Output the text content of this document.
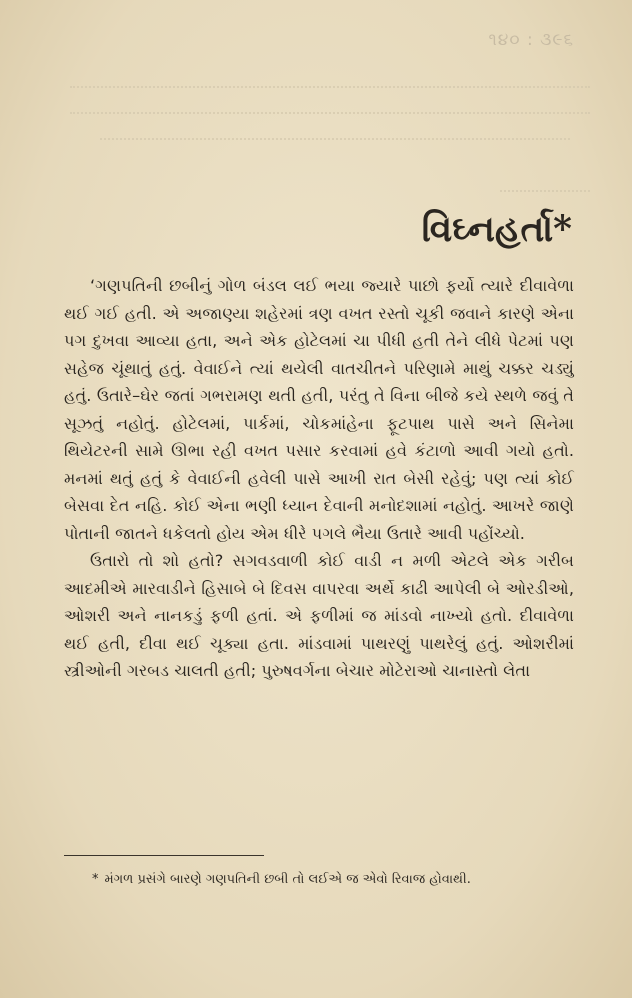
૧૪૦ : ૩૯૬
વિઘ્નહર્તા*

‘ગણપતિની છબીનું ગોળ બંડલ લઈ ભયા જ્યારે પાછો ફર્યો ત્યારે દીવાવેળા થઈ ગઈ હતી. એ અજાણ્યા શહેરમાં ત્રણ વખત રસ્તો ચૂકી જવાને કારણે એના પગ દુખવા આવ્યા હતા, અને એક હોટેલમાં ચા પીધી હતી તેને લીધે પેટમાં પણ સહેજ ચૂંથાતું હતું. વેવાઈને ત્યાં થયેલી વાતચીતને પરિણામે માથું ચક્કર ચડ્યું હતું. ઉતારે–ઘેર જતાં ગભરામણ થતી હતી, પરંતુ તે વિના બીજે કયે સ્થળે જવું તે સૂઝતું નહોતું. હોટેલમાં, પાર્કમાં, ચોકમાંહેના ફૂટપાથ પાસે અને સિનેમા થિયેટરની સામે ઊભા રહી વખત પસાર કરવામાં હવે કંટાળો આવી ગયો હતો. મનમાં થતું હતું કે વેવાઈની હવેલી પાસે આખી રાત બેસી રહેવું; પણ ત્યાં કોઈ બેસવા દેત નહિ. કોઈ એના ભણી ધ્યાન દેવાની મનોદશામાં નહોતું. આખરે જાણે પોતાની જાતને ધકેલતો હોય એમ ધીરે પગલે ભૈયા ઉતારે આવી પહોંચ્યો.

ઉતારો તો શો હતો? સગવડવાળી કોઈ વાડી ન મળી એટલે એક ગરીબ આદમીએ મારવાડીને હિસાબે બે દિવસ વાપરવા અર્થે કાઢી આપેલી બે ઓરડીઓ, ઓશરી અને નાનકડું ફળી હતાં. એ ફળીમાં જ માંડવો નાખ્યો હતો. દીવાવેળા થઈ હતી, દીવા થઈ ચૂક્યા હતા. માંડવામાં પાથરણું પાથરેલું હતું. ઓશરીમાં સ્ત્રીઓની ગરબડ ચાલતી હતી; પુરુષવર્ગના બેચાર મોટેરાઓ ચાનાસ્તો લેતા

* મંગળ પ્રસંગે બારણે ગણપતિની છબી તો લઈએ જ એવો રિવાજ હોવાથી.
